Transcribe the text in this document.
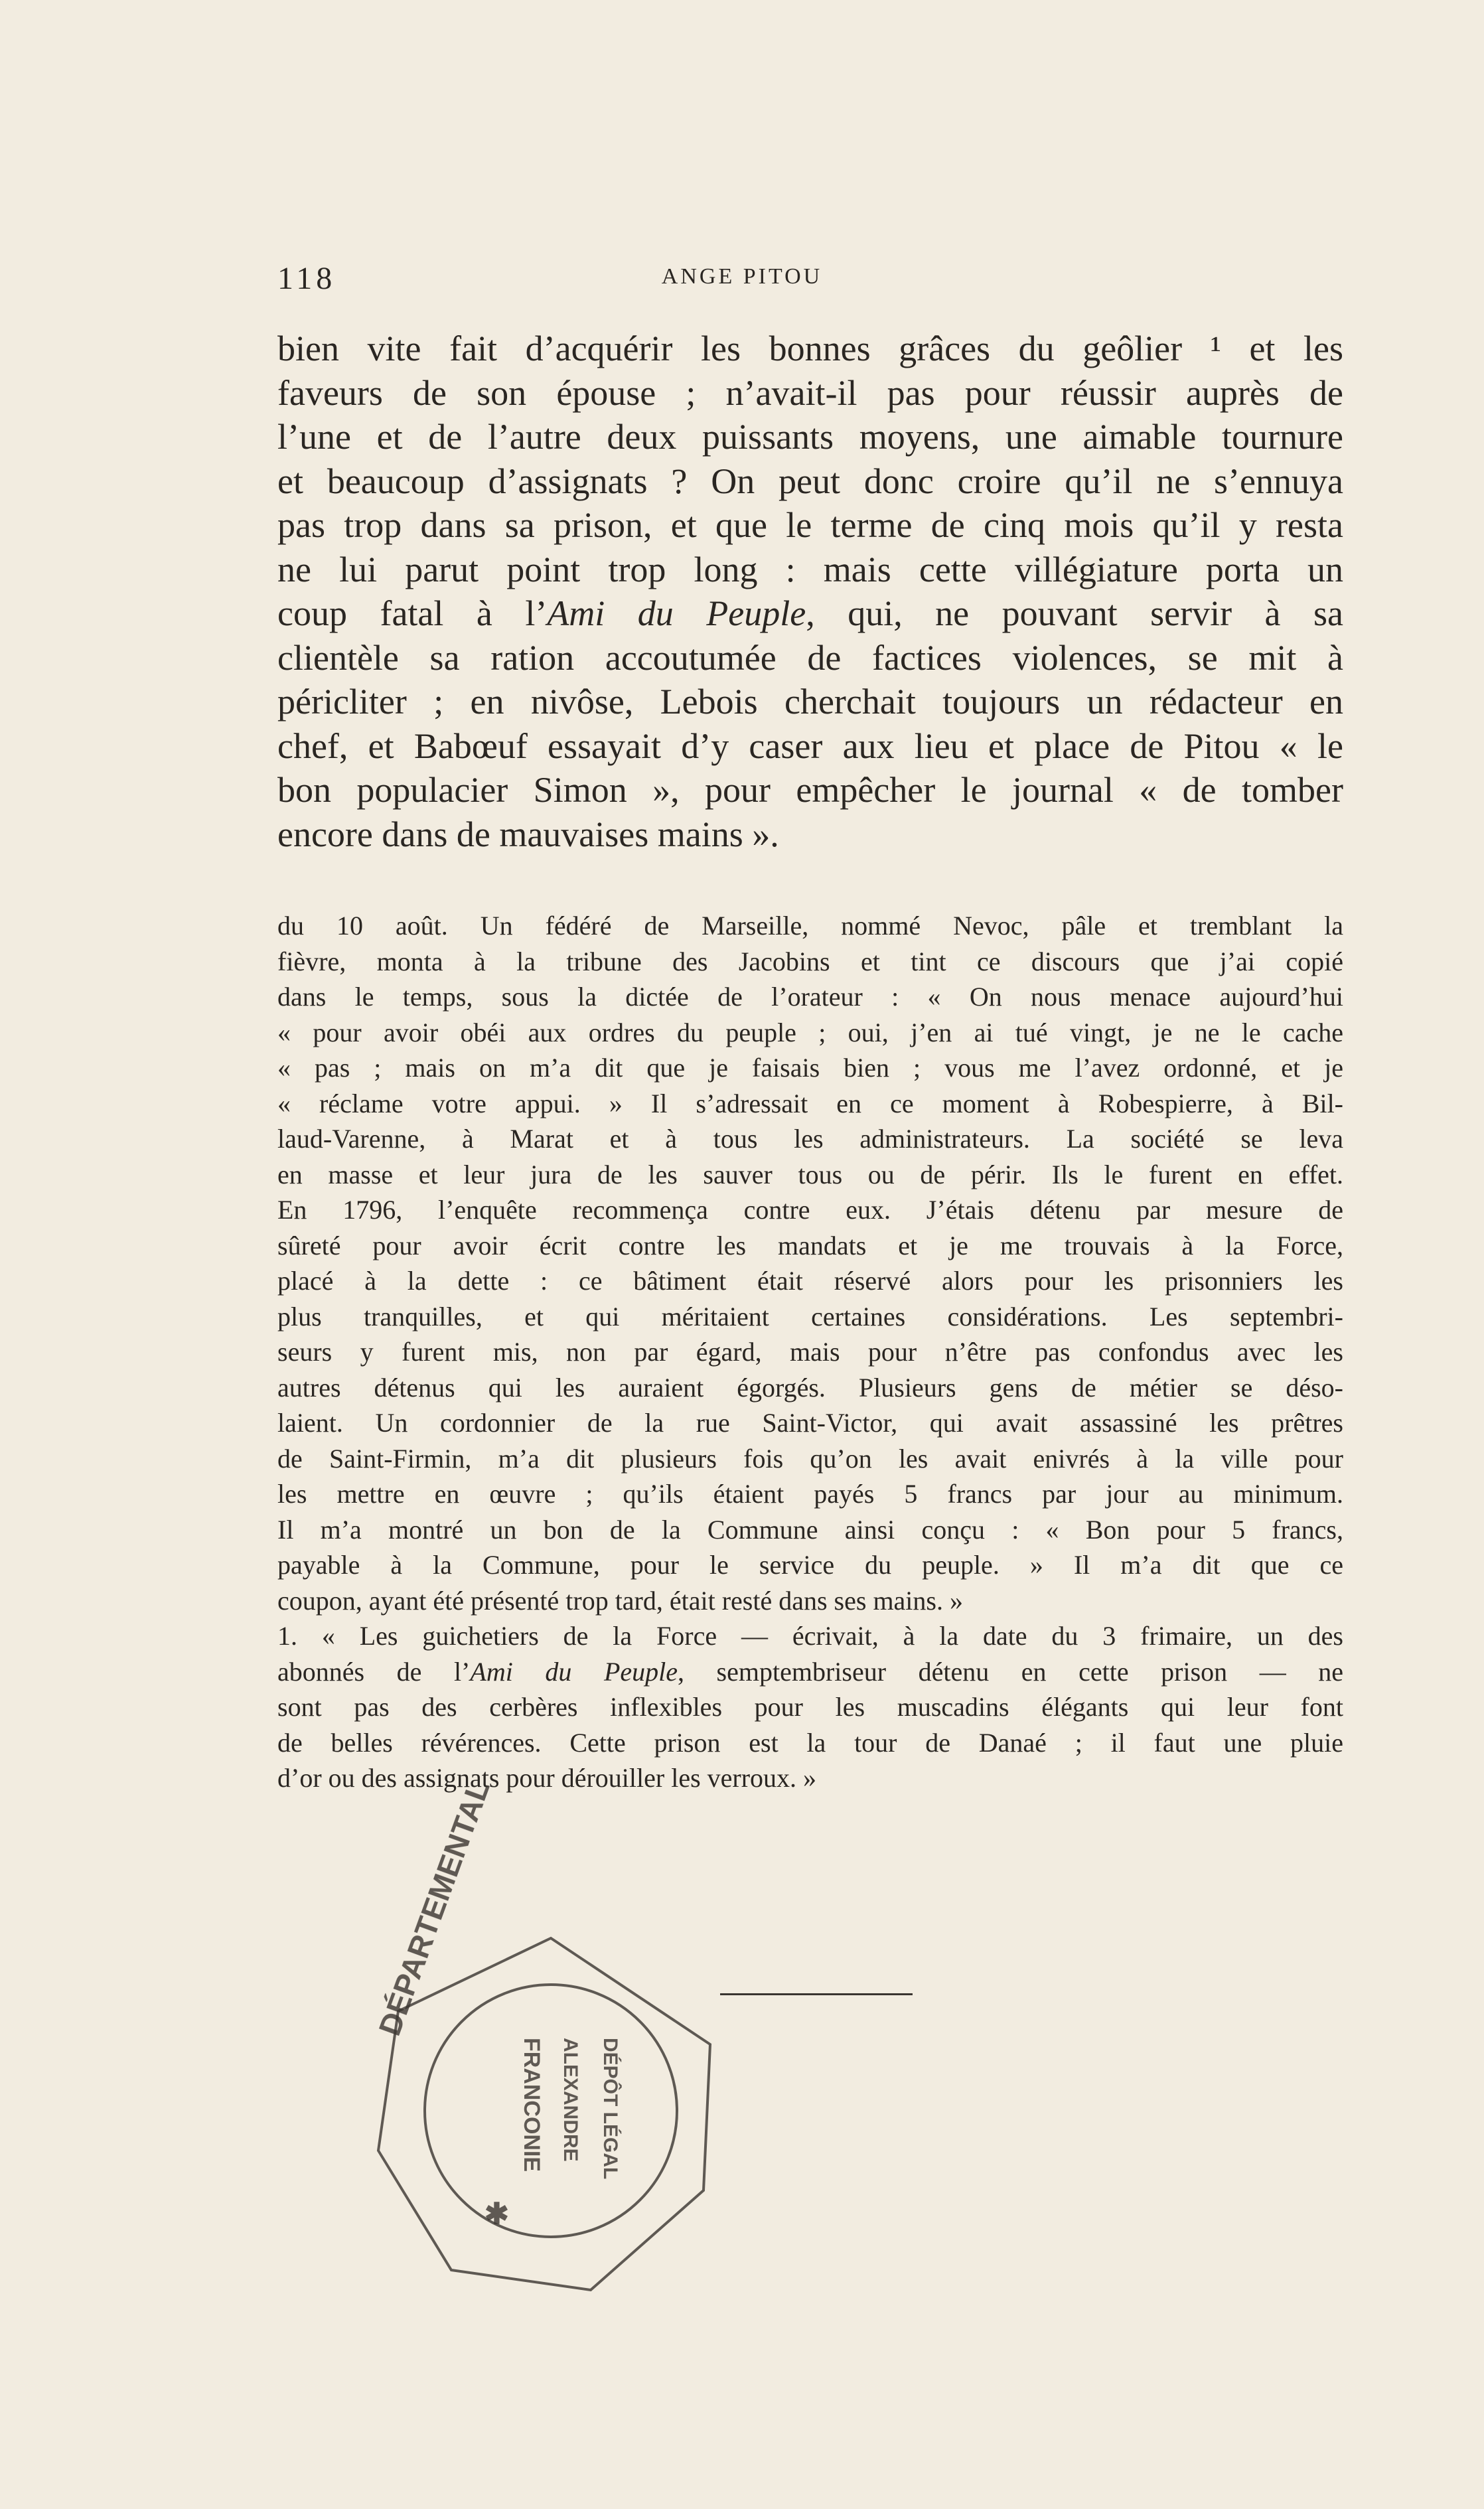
118	ANGE PITOU
bien vite fait d’acquérir les bonnes grâces du geôlier ¹ et les
faveurs de son épouse ; n’avait-il pas pour réussir auprès de
l’une et de l’autre deux puissants moyens, une aimable tournure
et beaucoup d’assignats ? On peut donc croire qu’il ne s’ennuya
pas trop dans sa prison, et que le terme de cinq mois qu’il y resta
ne lui parut point trop long : mais cette villégiature porta un
coup fatal à l’Ami du Peuple, qui, ne pouvant servir à sa
clientèle sa ration accoutumée de factices violences, se mit à
péricliter ; en nivôse, Lebois cherchait toujours un rédacteur en
chef, et Babœuf essayait d’y caser aux lieu et place de Pitou « le
bon populacier Simon », pour empêcher le journal « de tomber
encore dans de mauvaises mains ».
du 10 août. Un fédéré de Marseille, nommé Nevoc, pâle et tremblant la
fièvre, monta à la tribune des Jacobins et tint ce discours que j’ai copié
dans le temps, sous la dictée de l’orateur : « On nous menace aujourd’hui
« pour avoir obéi aux ordres du peuple ; oui, j’en ai tué vingt, je ne le cache
« pas ; mais on m’a dit que je faisais bien ; vous me l’avez ordonné, et je
« réclame votre appui. » Il s’adressait en ce moment à Robespierre, à Bil-
laud-Varenne, à Marat et à tous les administrateurs. La société se leva
en masse et leur jura de les sauver tous ou de périr. Ils le furent en effet.
En 1796, l’enquête recommença contre eux. J’étais détenu par mesure de
sûreté pour avoir écrit contre les mandats et je me trouvais à la Force,
placé à la dette : ce bâtiment était réservé alors pour les prisonniers les
plus tranquilles, et qui méritaient certaines considérations. Les septembri-
seurs y furent mis, non par égard, mais pour n’être pas confondus avec les
autres détenus qui les auraient égorgés. Plusieurs gens de métier se déso-
laient. Un cordonnier de la rue Saint-Victor, qui avait assassiné les prêtres
de Saint-Firmin, m’a dit plusieurs fois qu’on les avait enivrés à la ville pour
les mettre en œuvre ; qu’ils étaient payés 5 francs par jour au minimum.
Il m’a montré un bon de la Commune ainsi conçu : « Bon pour 5 francs,
payable à la Commune, pour le service du peuple. » Il m’a dit que ce
coupon, ayant été présenté trop tard, était resté dans ses mains. »
1. « Les guichetiers de la Force — écrivait, à la date du 3 frimaire, un des
abonnés de l’Ami du Peuple, semptembriseur détenu en cette prison — ne
sont pas des cerbères inflexibles pour les muscadins élégants qui leur font
de belles révérences. Cette prison est la tour de Danaé ; il faut une pluie
d’or ou des assignats pour dérouiller les verroux. »
DÉPARTEMENTAL
✱
FRANCONIE ALEXANDRE DÉPÔT LÉGAL
